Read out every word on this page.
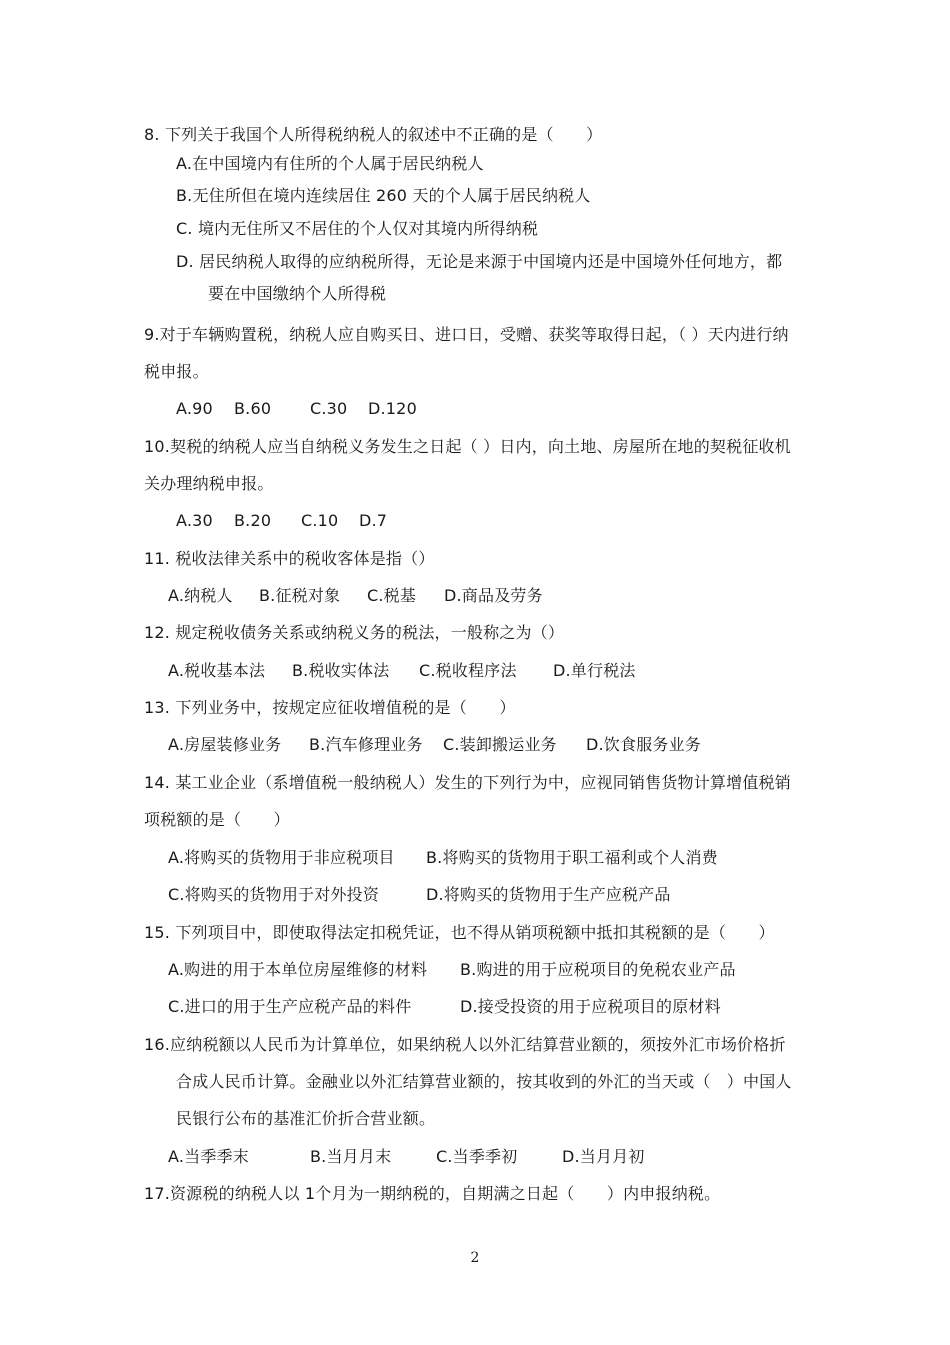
8. 下列关于我国个人所得税纳税人的叙述中不正确的是（　　）
A.在中国境内有住所的个人属于居民纳税人
B.无住所但在境内连续居住 260 天的个人属于居民纳税人
C. 境内无住所又不居住的个人仅对其境内所得纳税
D. 居民纳税人取得的应纳税所得，无论是来源于中国境内还是中国境外任何地方，都
要在中国缴纳个人所得税
9.对于车辆购置税，纳税人应自购买日、进口日，受赠、获奖等取得日起，（ ）天内进行纳
税申报。
A.90 B.60 C.30 D.120
10.契税的纳税人应当自纳税义务发生之日起（ ）日内，向土地、房屋所在地的契税征收机
关办理纳税申报。
A.30 B.20 C.10 D.7
11. 税收法律关系中的税收客体是指（）
A.纳税人 B.征税对象 C.税基 D.商品及劳务
12. 规定税收债务关系或纳税义务的税法，一般称之为（）
A.税收基本法 B.税收实体法 C.税收程序法 D.单行税法
13. 下列业务中，按规定应征收增值税的是（　　）
A.房屋装修业务 B.汽车修理业务 C.装卸搬运业务 D.饮食服务业务
14. 某工业企业（系增值税一般纳税人）发生的下列行为中，应视同销售货物计算增值税销
项税额的是（　　）
A.将购买的货物用于非应税项目 B.将购买的货物用于职工福利或个人消费
C.将购买的货物用于对外投资	D.将购买的货物用于生产应税产品
15. 下列项目中，即使取得法定扣税凭证，也不得从销项税额中抵扣其税额的是（　　）
A.购进的用于本单位房屋维修的材料 B.购进的用于应税项目的免税农业产品
C.进口的用于生产应税产品的料件	D.接受投资的用于应税项目的原材料
16.应纳税额以人民币为计算单位，如果纳税人以外汇结算营业额的，须按外汇市场价格折
合成人民币计算。金融业以外汇结算营业额的，按其收到的外汇的当天或（　）中国人
民银行公布的基准汇价折合营业额。
A.当季季末	B.当月月末	C.当季季初	D.当月月初
17.资源税的纳税人以 1个月为一期纳税的，自期满之日起（　　）内申报纳税。
2
